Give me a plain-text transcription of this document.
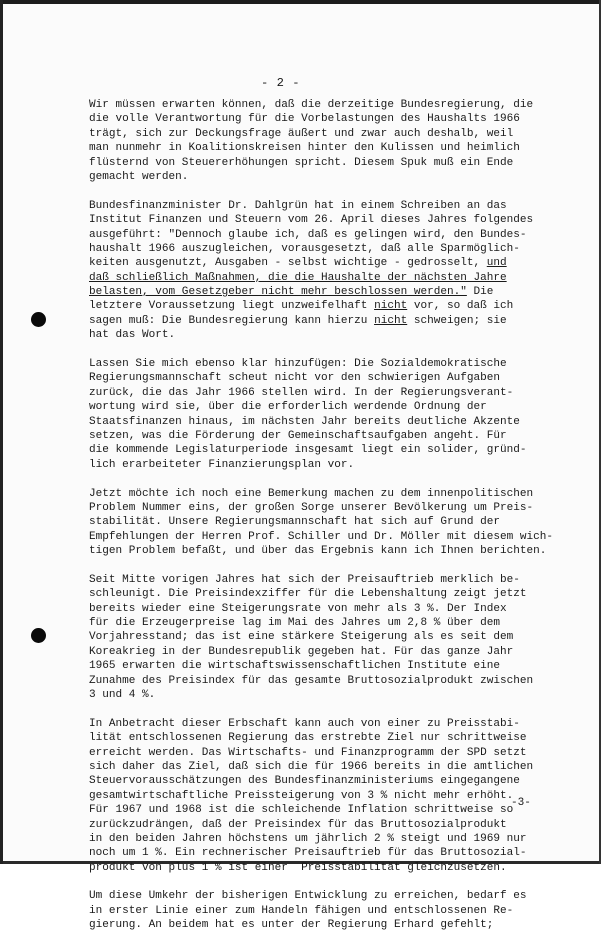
- 2 -

Wir müssen erwarten können, daß die derzeitige Bundesregierung, die
die volle Verantwortung für die Vorbelastungen des Haushalts 1966
trägt, sich zur Deckungsfrage äußert und zwar auch deshalb, weil
man nunmehr in Koalitionskreisen hinter den Kulissen und heimlich
flüsternd von Steuererhöhungen spricht. Diesem Spuk muß ein Ende
gemacht werden.

Bundesfinanzminister Dr. Dahlgrün hat in einem Schreiben an das
Institut Finanzen und Steuern vom 26. April dieses Jahres folgendes
ausgeführt: "Dennoch glaube ich, daß es gelingen wird, den Bundes-
haushalt 1966 auszugleichen, vorausgesetzt, daß alle Sparmöglich-
keiten ausgenutzt, Ausgaben - selbst wichtige - gedrosselt, und
daß schließlich Maßnahmen, die die Haushalte der nächsten Jahre
belasten, vom Gesetzgeber nicht mehr beschlossen werden." Die
letztere Voraussetzung liegt unzweifelhaft nicht vor, so daß ich
sagen muß: Die Bundesregierung kann hierzu nicht schweigen; sie
hat das Wort.

Lassen Sie mich ebenso klar hinzufügen: Die Sozialdemokratische
Regierungsmannschaft scheut nicht vor den schwierigen Aufgaben
zurück, die das Jahr 1966 stellen wird. In der Regierungsverant-
wortung wird sie, über die erforderlich werdende Ordnung der
Staatsfinanzen hinaus, im nächsten Jahr bereits deutliche Akzente
setzen, was die Förderung der Gemeinschaftsaufgaben angeht. Für
die kommende Legislaturperiode insgesamt liegt ein solider, gründ-
lich erarbeiteter Finanzierungsplan vor.

Jetzt möchte ich noch eine Bemerkung machen zu dem innenpolitischen
Problem Nummer eins, der großen Sorge unserer Bevölkerung um Preis-
stabilität. Unsere Regierungsmannschaft hat sich auf Grund der
Empfehlungen der Herren Prof. Schiller und Dr. Möller mit diesem wich-
tigen Problem befaßt, und über das Ergebnis kann ich Ihnen berichten.

Seit Mitte vorigen Jahres hat sich der Preisauftrieb merklich be-
schleunigt. Die Preisindexziffer für die Lebenshaltung zeigt jetzt
bereits wieder eine Steigerungsrate von mehr als 3 %. Der Index
für die Erzeugerpreise lag im Mai des Jahres um 2,8 % über dem
Vorjahresstand; das ist eine stärkere Steigerung als es seit dem
Koreakrieg in der Bundesrepublik gegeben hat. Für das ganze Jahr
1965 erwarten die wirtschaftswissenschaftlichen Institute eine
Zunahme des Preisindex für das gesamte Bruttosozialprodukt zwischen
3 und 4 %.

In Anbetracht dieser Erbschaft kann auch von einer zu Preisstabi-
lität entschlossenen Regierung das erstrebte Ziel nur schrittweise
erreicht werden. Das Wirtschafts- und Finanzprogramm der SPD setzt
sich daher das Ziel, daß sich die für 1966 bereits in die amtlichen
Steuervorausschätzungen des Bundesfinanzministeriums eingegangene
gesamtwirtschaftliche Preissteigerung von 3 % nicht mehr erhöht.
Für 1967 und 1968 ist die schleichende Inflation schrittweise so
zurückzudrängen, daß der Preisindex für das Bruttosozialprodukt
in den beiden Jahren höchstens um jährlich 2 % steigt und 1969 nur
noch um 1 %. Ein rechnerischer Preisauftrieb für das Bruttosozial-
produkt von plus 1 % ist einer  Preisstabilität gleichzusetzen.

Um diese Umkehr der bisherigen Entwicklung zu erreichen, bedarf es
in erster Linie einer zum Handeln fähigen und entschlossenen Re-
gierung. An beidem hat es unter der Regierung Erhard gefehlt;

-3-
